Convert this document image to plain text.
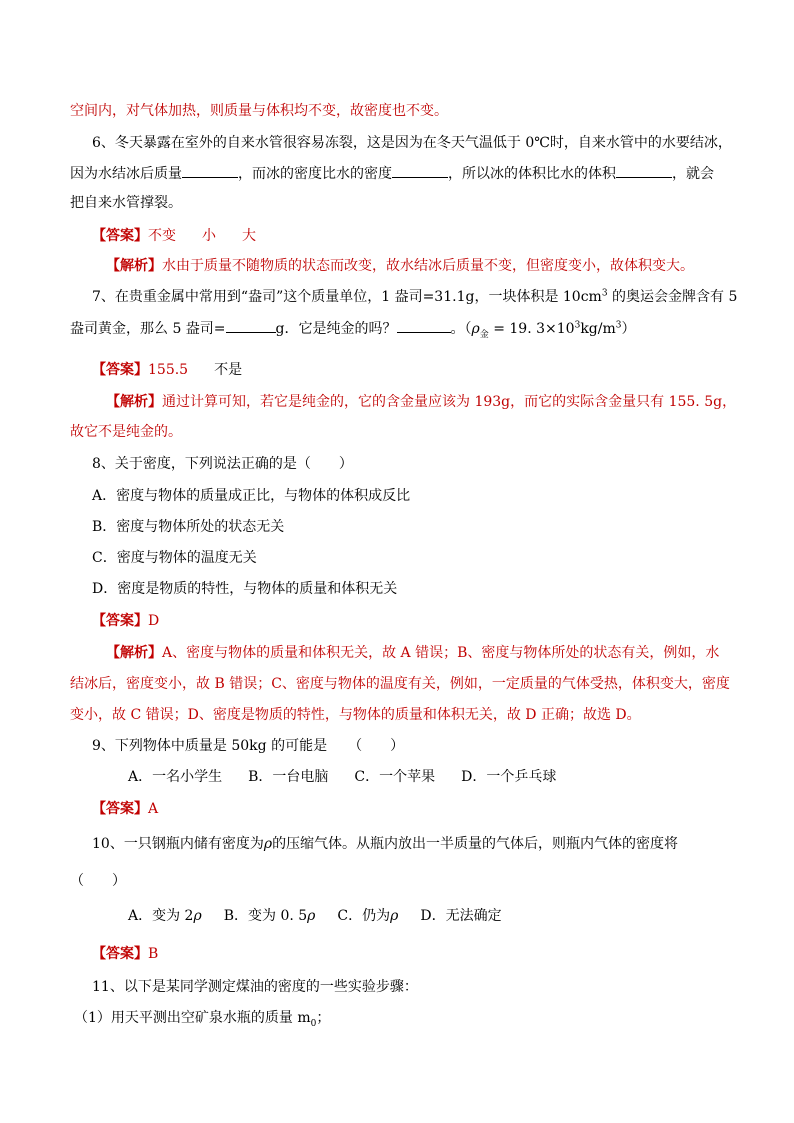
空间内，对气体加热，则质量与体积均不变，故密度也不变。
6、冬天暴露在室外的自来水管很容易冻裂，这是因为在冬天气温低于 0℃时，自来水管中的水要结冰，
因为水结冰后质量	，而冰的密度比水的密度	，所以冰的体积比水的体积	，就会
把自来水管撑裂。
【答案】不变 小 大
【解析】水由于质量不随物质的状态而改变，故水结冰后质量不变，但密度变小，故体积变大。
7、在贵重金属中常用到“盎司”这个质量单位，1 盎司=31.1g，一块体积是 $10cm^3$ 的奥运会金牌含有 5
盎司黄金，那么 5 盎司=	g．它是纯金的吗？	。（$\rho_金 = 19$. $3\times 10^3kg/m^3$）
【答案】155.5 不是
【解析】通过计算可知，若它是纯金的，它的含金量应该为 193g，而它的实际含金量只有 155. 5g，
故它不是纯金的。
8、关于密度，下列说法正确的是（　　）
A．密度与物体的质量成正比，与物体的体积成反比
B．密度与物体所处的状态无关
C．密度与物体的温度无关
D．密度是物质的特性，与物体的质量和体积无关
【答案】D
【解析】A、密度与物体的质量和体积无关，故 A 错误；B、密度与物体所处的状态有关，例如，水
结冰后，密度变小，故 B 错误；C、密度与物体的温度有关，例如，一定质量的气体受热，体积变大，密度
变小，故 C 错误；D、密度是物质的特性，与物体的质量和体积无关，故 D 正确；故选 D。
9、下列物体中质量是 50kg 的可能是　　（　　）
A．一名小学生 B．一台电脑 C．一个苹果 D．一个乒乓球
【答案】A
10、一只钢瓶内储有密度为ρ的压缩气体。从瓶内放出一半质量的气体后，则瓶内气体的密度将
（　　）
A．变为 2ρ B．变为 0. 5ρ C．仍为ρ D．无法确定
【答案】B
11、以下是某同学测定煤油的密度的一些实验步骤：
（1）用天平测出空矿泉水瓶的质量 $m_0$；
